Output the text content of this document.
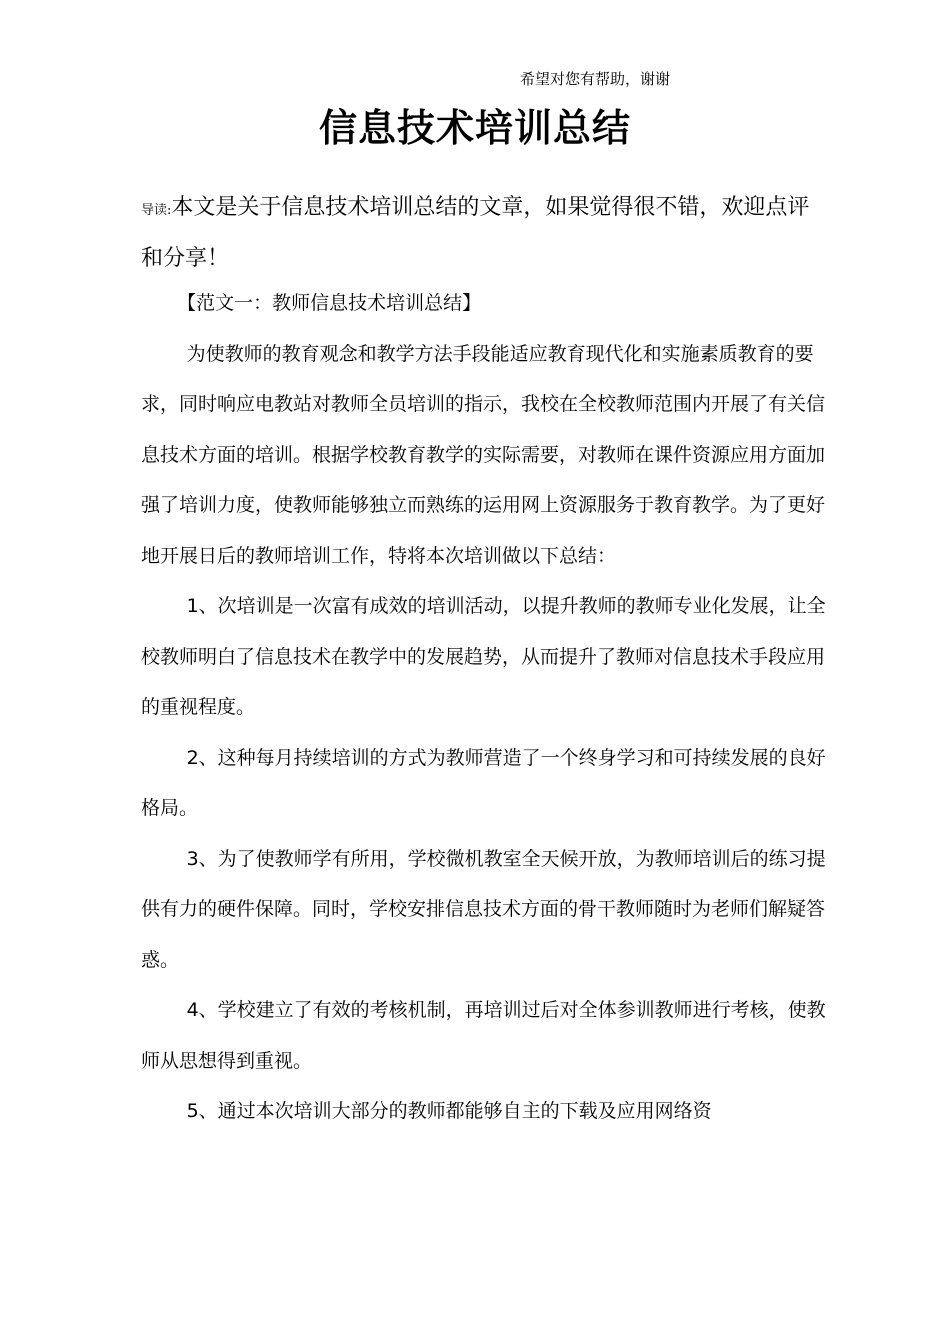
希望对您有帮助，谢谢
信息技术培训总结
导读:本文是关于信息技术培训总结的文章，如果觉得很不错，欢迎点评和分享！

【范文一：教师信息技术培训总结】

为使教师的教育观念和教学方法手段能适应教育现代化和实施素质教育的要求，同时响应电教站对教师全员培训的指示，我校在全校教师范围内开展了有关信息技术方面的培训。根据学校教育教学的实际需要，对教师在课件资源应用方面加强了培训力度，使教师能够独立而熟练的运用网上资源服务于教育教学。为了更好地开展日后的教师培训工作，特将本次培训做以下总结：

1、次培训是一次富有成效的培训活动，以提升教师的教师专业化发展，让全校教师明白了信息技术在教学中的发展趋势，从而提升了教师对信息技术手段应用的重视程度。

2、这种每月持续培训的方式为教师营造了一个终身学习和可持续发展的良好格局。

3、为了使教师学有所用，学校微机教室全天候开放，为教师培训后的练习提供有力的硬件保障。同时，学校安排信息技术方面的骨干教师随时为老师们解疑答惑。

4、学校建立了有效的考核机制，再培训过后对全体参训教师进行考核，使教师从思想得到重视。

5、通过本次培训大部分的教师都能够自主的下载及应用网络资
